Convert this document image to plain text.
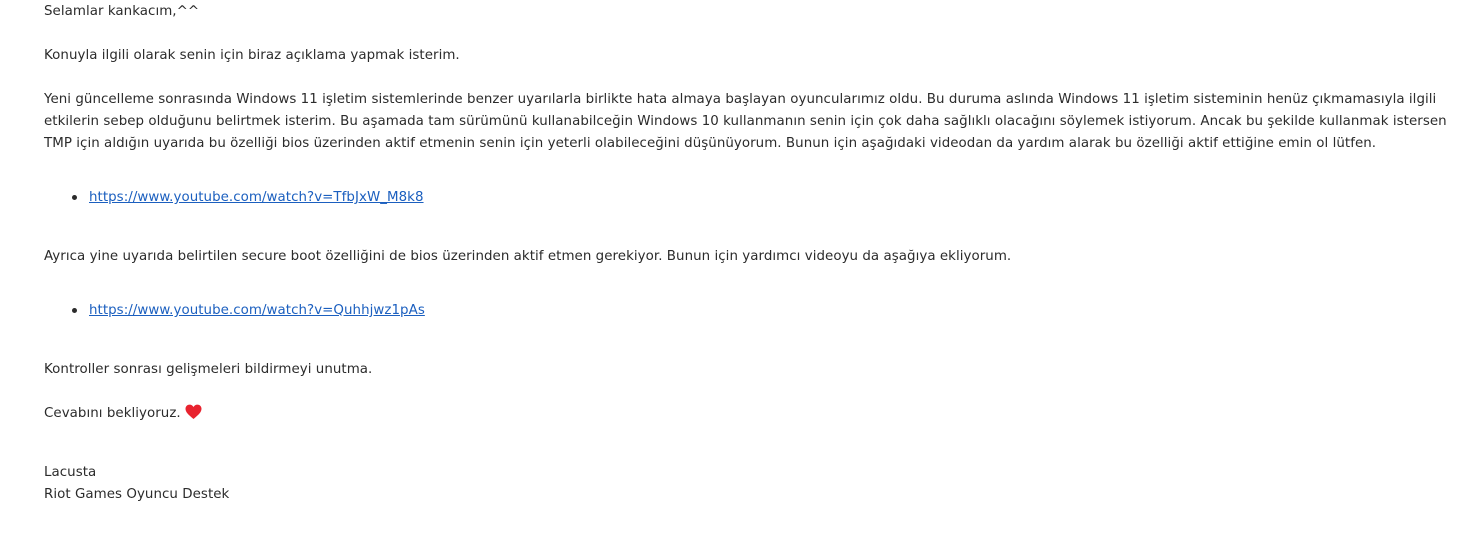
Selamlar kankacım,^^
Konuyla ilgili olarak senin için biraz açıklama yapmak isterim.
Yeni güncelleme sonrasında Windows 11 işletim sistemlerinde benzer uyarılarla birlikte hata almaya başlayan oyuncularımız oldu. Bu duruma aslında Windows 11 işletim sisteminin henüz çıkmamasıyla ilgili
etkilerin sebep olduğunu belirtmek isterim. Bu aşamada tam sürümünü kullanabilceğin Windows 10 kullanmanın senin için çok daha sağlıklı olacağını söylemek istiyorum. Ancak bu şekilde kullanmak istersen
TMP için aldığın uyarıda bu özelliği bios üzerinden aktif etmenin senin için yeterli olabileceğini düşünüyorum. Bunun için aşağıdaki videodan da yardım alarak bu özelliği aktif ettiğine emin ol lütfen.
https://www.youtube.com/watch?v=TfbJxW_M8k8
Ayrıca yine uyarıda belirtilen secure boot özelliğini de bios üzerinden aktif etmen gerekiyor. Bunun için yardımcı videoyu da aşağıya ekliyorum.
https://www.youtube.com/watch?v=Quhhjwz1pAs
Kontroller sonrası gelişmeleri bildirmeyi unutma.
Cevabını bekliyoruz.
Lacusta
Riot Games Oyuncu Destek
